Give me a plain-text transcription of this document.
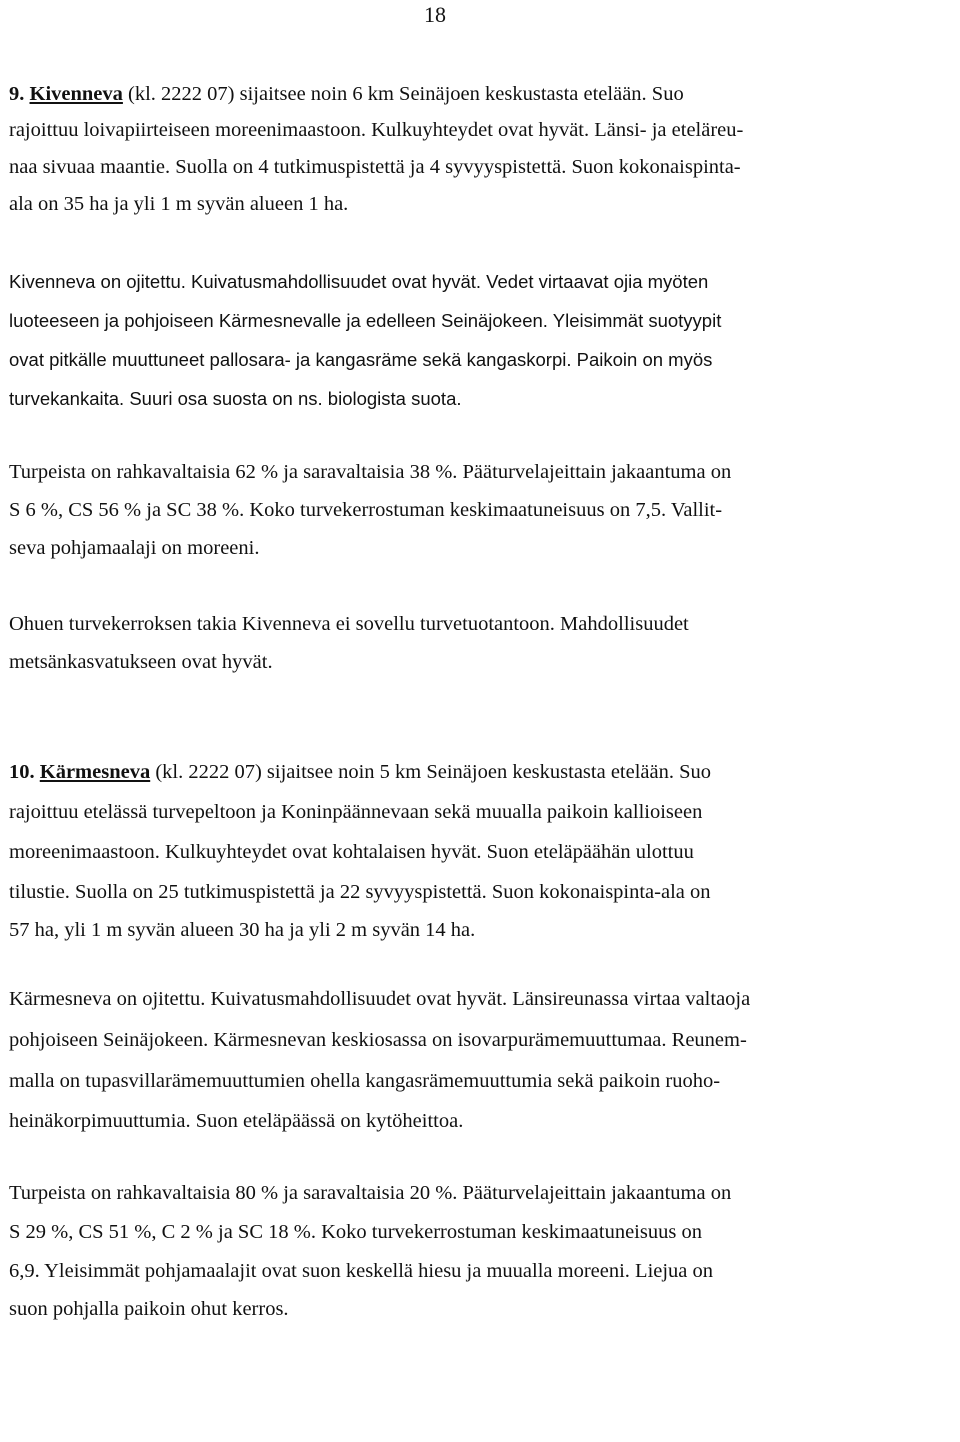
18
9. Kivenneva (kl. 2222 07) sijaitsee noin 6 km Seinäjoen keskustasta etelään. Suo
rajoittuu loivapiirteiseen moreenimaastoon. Kulkuyhteydet ovat hyvät. Länsi- ja eteläreu-
naa sivuaa maantie. Suolla on 4 tutkimuspistettä ja 4 syvyyspistettä. Suon kokonaispinta-
ala on 35 ha ja yli 1 m syvän alueen 1 ha.
Kivenneva on ojitettu. Kuivatusmahdollisuudet ovat hyvät. Vedet virtaavat ojia myöten
luoteeseen ja pohjoiseen Kärmesnevalle ja edelleen Seinäjokeen. Yleisimmät suotyypit
ovat pitkälle muuttuneet pallosara- ja kangasräme sekä kangaskorpi. Paikoin on myös
turvekankaita. Suuri osa suosta on ns. biologista suota.
Turpeista on rahkavaltaisia 62 % ja saravaltaisia 38 %. Pääturvelajeittain jakaantuma on
S 6 %, CS 56 % ja SC 38 %. Koko turvekerrostuman keskimaatuneisuus on 7,5. Vallit-
seva pohjamaalaji on moreeni.
Ohuen turvekerroksen takia Kivenneva ei sovellu turvetuotantoon. Mahdollisuudet
metsänkasvatukseen ovat hyvät.
10. Kärmesneva (kl. 2222 07) sijaitsee noin 5 km Seinäjoen keskustasta etelään. Suo
rajoittuu etelässä turvepeltoon ja Koninpäännevaan sekä muualla paikoin kallioiseen
moreenimaastoon. Kulkuyhteydet ovat kohtalaisen hyvät. Suon eteläpäähän ulottuu
tilustie. Suolla on 25 tutkimuspistettä ja 22 syvyyspistettä. Suon kokonaispinta-ala on
57 ha, yli 1 m syvän alueen 30 ha ja yli 2 m syvän 14 ha.
Kärmesneva on ojitettu. Kuivatusmahdollisuudet ovat hyvät. Länsireunassa virtaa valtaoja
pohjoiseen Seinäjokeen. Kärmesnevan keskiosassa on isovarpurämemuuttumaa. Reunem-
malla on tupasvillarämemuuttumien ohella kangasrämemuuttumia sekä paikoin ruoho-
heinäkorpimuuttumia. Suon eteläpäässä on kytöheittoa.
Turpeista on rahkavaltaisia 80 % ja saravaltaisia 20 %. Pääturvelajeittain jakaantuma on
S 29 %, CS 51 %, C 2 % ja SC 18 %. Koko turvekerrostuman keskimaatuneisuus on
6,9. Yleisimmät pohjamaalajit ovat suon keskellä hiesu ja muualla moreeni. Liejua on
suon pohjalla paikoin ohut kerros.
